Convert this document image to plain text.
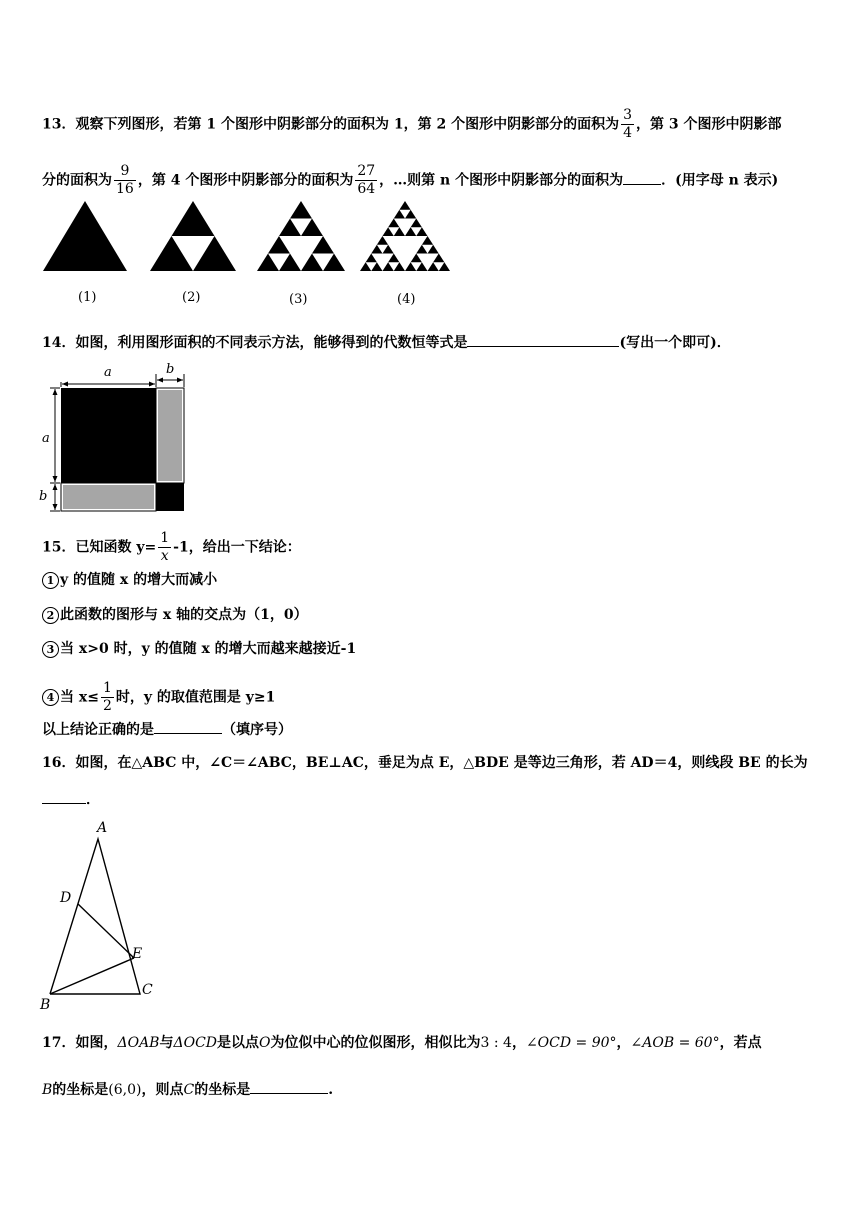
13．观察下列图形，若第 1 个图形中阴影部分的面积为 1，第 2 个图形中阴影部分的面积为 $\frac{3}{4}$ ，第 3 个图形中阴影部
分的面积为 $\frac{9}{16}$ ，第 4 个图形中阴影部分的面积为 $\frac{27}{64}$ ，…则第 n 个图形中阴影部分的面积为	．(用字母 n 表示)
(1)	(2)	(3)	(4)
14．如图，利用图形面积的不同表示方法，能够得到的代数恒等式是	(写出一个即可)．
a	b
a
b
15．已知函数 $y= \frac{1}{x} -1$，给出一下结论：
1 y 的值随 x 的增大而减小
2 此函数的图形与 x 轴的交点为（1，0）
3 当 x>0 时，y 的值随 x 的增大而越来越接近-1
4 当 $x\le \frac{1}{2}$ 时，y 的取值范围是 y≥1
以上结论正确的是	（填序号）
16．如图，在△ABC 中，∠C＝∠ABC，BE⊥AC，垂足为点 E，△BDE 是等边三角形，若 AD＝4，则线段 BE 的长为
．
A
D
E
B
C
17．如图，ΔOAB与ΔOCD是以点O为位似中心的位似图形，相似比为3 : 4，∠OCD = 90°，∠AOB = 60°，若点
B的坐标是(6,0)，则点C的坐标是	.
